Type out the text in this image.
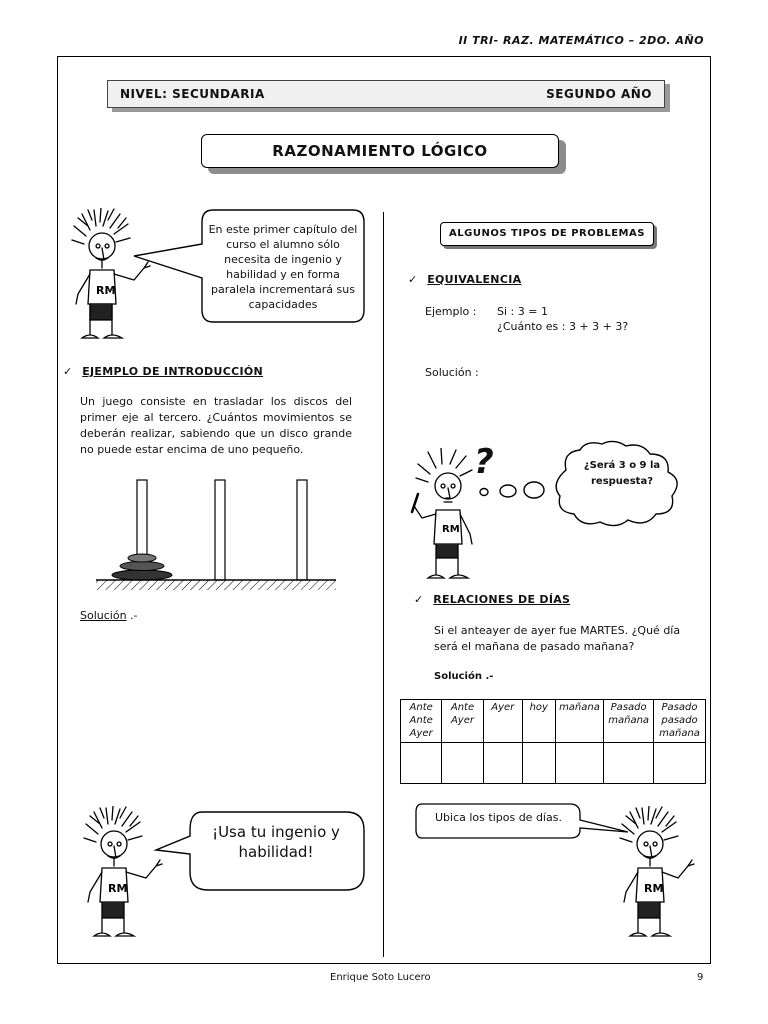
II TRI- RAZ. MATEMÁTICO – 2DO. AÑO
NIVEL: SECUNDARIA	SEGUNDO AÑO
RAZONAMIENTO LÓGICO
RM
En este primer capítulo del curso el alumno sólo necesita de ingenio y habilidad y en forma paralela incrementará sus capacidades
✓ EJEMPLO DE INTRODUCCIÓN
Un juego consiste en trasladar los discos del primer eje al tercero. ¿Cuántos movimientos se deberán realizar, sabiendo que un disco grande no puede estar encima de uno pequeño.
Solución .-
RM
¡Usa tu ingenio y habilidad!
ALGUNOS TIPOS DE PROBLEMAS
✓ EQUIVALENCIA
Ejemplo : Si : 3 = 1
¿Cuánto es : 3 + 3 + 3?
Solución :
RM
?	¿Será 3 o 9 la respuesta?
✓ RELACIONES DE DÍAS
Si el anteayer de ayer fue MARTES. ¿Qué día será el mañana de pasado mañana?
Solución .-
Ante Ante Ayer	Ante Ayer	Ayer	hoy	mañana	Pasado mañana	Pasado pasado mañana

Ubica los tipos de días.
RM
Enrique Soto Lucero	9
